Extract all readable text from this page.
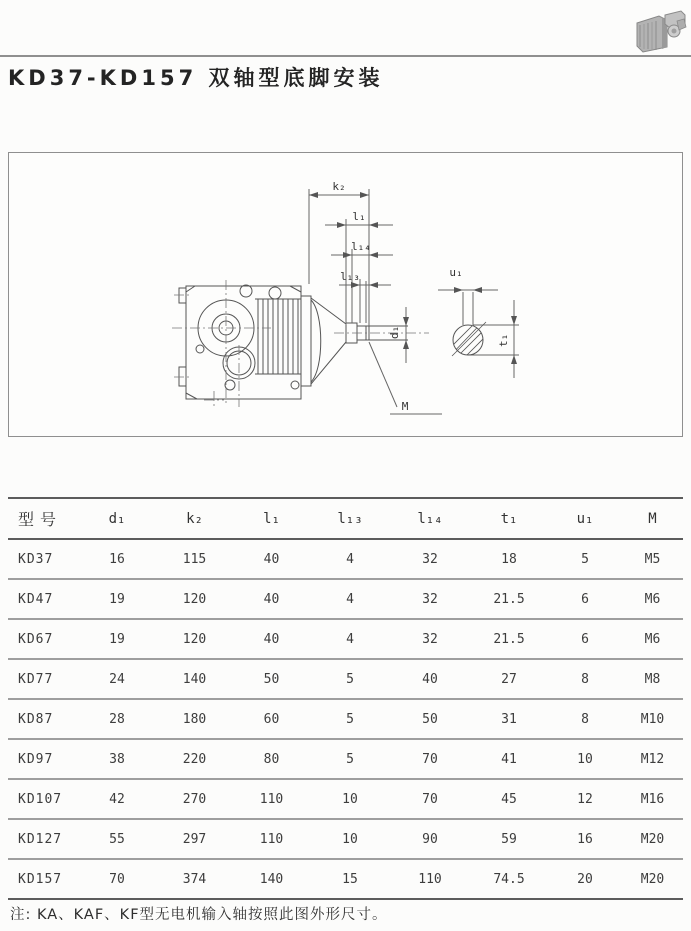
KD37-KD157 双轴型底脚安装
k₂
l₁
l₁₄
l₁₃
d₁
M
u₁
t₁
型号	d₁	k₂	l₁	l₁₃	l₁₄	t₁	u₁	M
KD37	16	115	40	4	32	18	5	M5
KD47	19	120	40	4	32	21.5	6	M6
KD67	19	120	40	4	32	21.5	6	M6
KD77	24	140	50	5	40	27	8	M8
KD87	28	180	60	5	50	31	8	M10
KD97	38	220	80	5	70	41	10	M12
KD107	42	270	110	10	70	45	12	M16
KD127	55	297	110	10	90	59	16	M20
KD157	70	374	140	15	110	74.5	20	M20
注: KA、KAF、KF型无电机输入轴按照此图外形尺寸。
